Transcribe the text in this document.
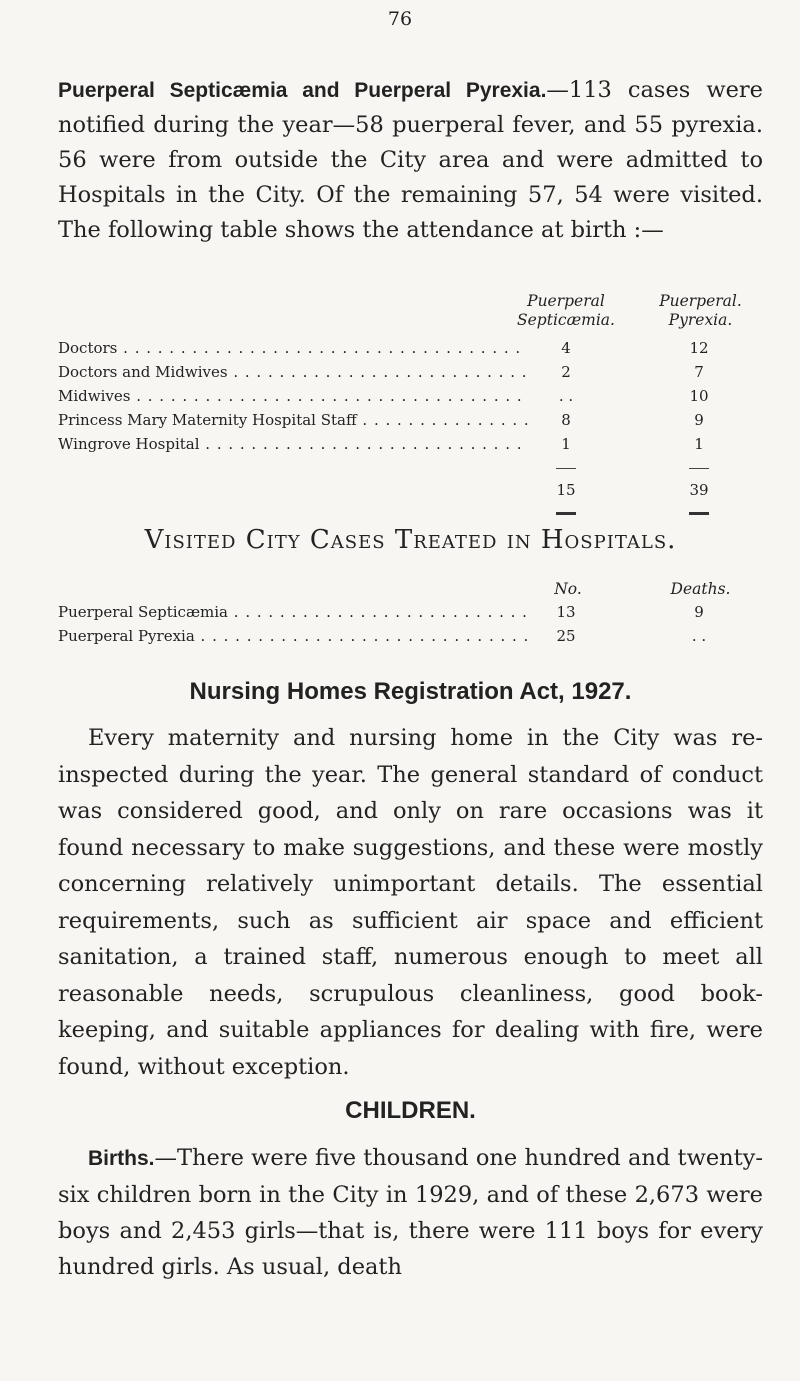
76

Puerperal Septicæmia and Puerperal Pyrexia.—113 cases were notified during the year—58 puerperal fever, and 55 pyrexia. 56 were from outside the City area and were admitted to Hospitals in the City. Of the remaining 57, 54 were visited. The following table shows the attendance at birth :—

Puerperal Septicæmia.
Puerperal. Pyrexia.
Doctors . . .	4	12
Doctors and Midwives . . .	2	7
Midwives . . .	. .	10
Princess Mary Maternity Hospital Staff . . .	8	9
Wingrove Hospital . . .	1	1
15	39
Visited City Cases Treated in Hospitals.
No.	Deaths.
Puerperal Septicæmia . . .	13	9
Puerperal Pyrexia . . .	25	. .
Nursing Homes Registration Act, 1927.

Every maternity and nursing home in the City was re-inspected during the year. The general standard of conduct was considered good, and only on rare occasions was it found necessary to make suggestions, and these were mostly concerning relatively unimportant details. The essential requirements, such as sufficient air space and efficient sanitation, a trained staff, numerous enough to meet all reasonable needs, scrupulous cleanliness, good book-keeping, and suitable appliances for dealing with fire, were found, without exception.

CHILDREN.

Births.—There were five thousand one hundred and twenty-six children born in the City in 1929, and of these 2,673 were boys and 2,453 girls—that is, there were 111 boys for every hundred girls. As usual, death
